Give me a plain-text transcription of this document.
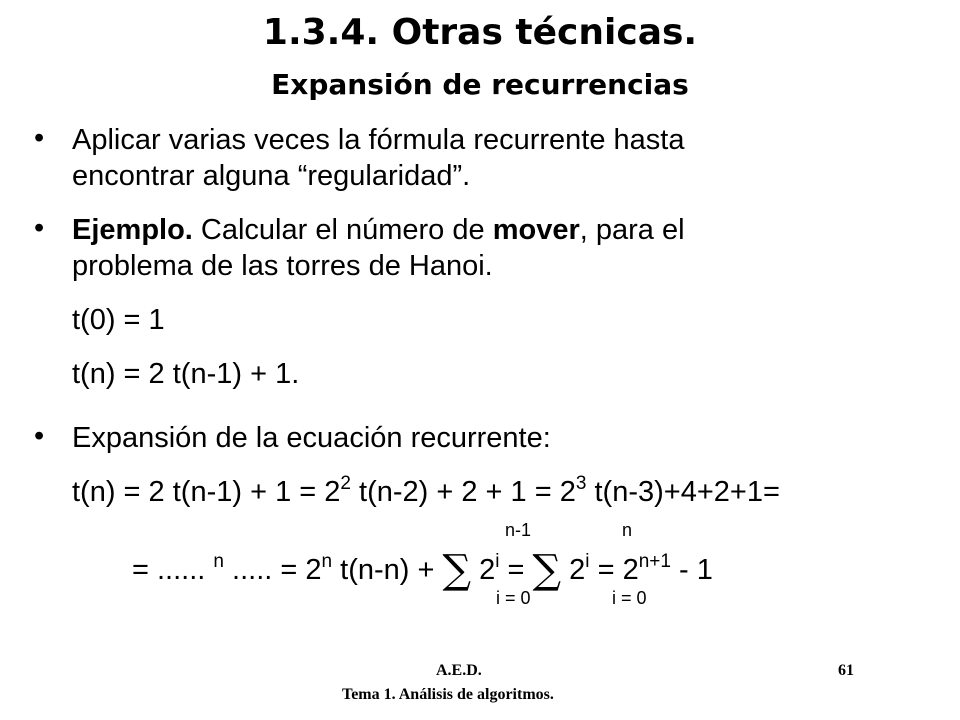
1.3.4. Otras técnicas.
Expansión de recurrencias
• Aplicar varias veces la fórmula recurrente hasta
encontrar alguna “regularidad”.
• Ejemplo. Calcular el número de mover, para el
problema de las torres de Hanoi.
t(0) = 1
t(n) = 2 t(n-1) + 1.
• Expansión de la ecuación recurrente:
t(n) = 2 $t(n-1) + 1 = 2^2$ $t(n-2) + 2 + 1 = 2^3$ t(n-3)+4+2+1=
n-1	n
i = 0	i = 0
= ...... $^n$ ..... = $2^n$ t(n-n) + ∑ $2^i$ = ∑ $2^i = 2^{n+1} - 1$
A.E.D.
Tema 1. Análisis de algoritmos.
61
